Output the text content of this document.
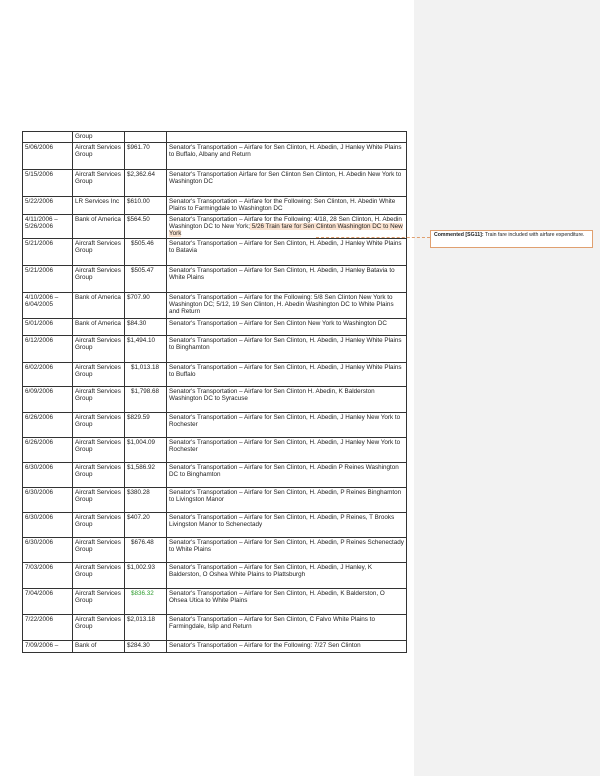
	Group		
5/06/2006	Aircraft Services Group	$961.70	Senator's Transportation – Airfare for Sen Clinton, H. Abedin, J Hanley White Plains to Buffalo, Albany and Return
5/15/2006	Aircraft Services Group	$2,362.64	Senator's Transportation Airfare for Sen Clinton Sen Clinton, H. Abedin New York to Washington DC
5/22/2006	LR Services Inc	$610.00	Senator's Transportation – Airfare for the Following: Sen Clinton, H. Abedin White Plains to Farmingdale to Washington DC
4/11/2006 – 5/26/2006	Bank of America	$564.50	Senator's Transportation – Airfare for the Following: 4/18, 28 Sen Clinton, H. Abedin Washington DC to New York; 5/26 Train fare for Sen Clinton Washington DC to New York
5/21/2006	Aircraft Services Group	$505.46	Senator's Transportation – Airfare for Sen Clinton, H. Abedin, J Hanley White Plains to Batavia
5/21/2006	Aircraft Services Group	$505.47	Senator's Transportation – Airfare for Sen Clinton, H. Abedin, J Hanley Batavia to White Plains
4/10/2006 – 6/04/2005	Bank of America	$707.90	Senator's Transportation – Airfare for the Following: 5/8 Sen Clinton New York to Washington DC; 5/12, 19 Sen Clinton, H. Abedin Washington DC to White Plains and Return
5/01/2006	Bank of America	$84.30	Senator's Transportation – Airfare for Sen Clinton New York to Washington DC
6/12/2006	Aircraft Services Group	$1,494.10	Senator's Transportation – Airfare for Sen Clinton, H. Abedin, J Hanley White Plains to Binghamton
6/02/2006	Aircraft Services Group	$1,013.18	Senator's Transportation – Airfare for Sen Clinton, H. Abedin, J Hanley White Plains to Buffalo
6/09/2006	Aircraft Services Group	$1,798.68	Senator's Transportation – Airfare for Sen Clinton H. Abedin, K Balderston Washington DC to Syracuse
6/26/2006	Aircraft Services Group	$829.59	Senator's Transportation – Airfare for Sen Clinton, H. Abedin, J Hanley New York to Rochester
6/26/2006	Aircraft Services Group	$1,004.09	Senator's Transportation – Airfare for Sen Clinton, H. Abedin, J Hanley New York to Rochester
6/30/2006	Aircraft Services Group	$1,586.92	Senator's Transportation – Airfare for Sen Clinton, H. Abedin P Reines Washington DC to Binghamton
6/30/2006	Aircraft Services Group	$380.28	Senator's Transportation – Airfare for Sen Clinton, H. Abedin, P Reines Binghamton to Livingston Manor
6/30/2006	Aircraft Services Group	$407.20	Senator's Transportation – Airfare for Sen Clinton, H. Abedin, P Reines, T Brooks Livingston Manor to Schenectady
6/30/2006	Aircraft Services Group	$676.48	Senator's Transportation – Airfare for Sen Clinton, H. Abedin, P Reines Schenectady to White Plains
7/03/2006	Aircraft Services Group	$1,002.93	Senator's Transportation – Airfare for Sen Clinton, H. Abedin, J Hanley, K Balderston, O Oshea White Plains to Plattsburgh
7/04/2006	Aircraft Services Group	$836.32	Senator's Transportation – Airfare for Sen Clinton, H. Abedin, K Balderston, O Ohsea Utica to White Plains
7/22/2006	Aircraft Services Group	$2,013.18	Senator's Transportation – Airfare for Sen Clinton, C Falvo White Plains to Farmingdale, Islip and Return
7/09/2006 –	Bank of	$284.30	Senator's Transportation – Airfare for the Following: 7/27 Sen Clinton
Commented [SG11]: Train fare included with airfare expenditure.
